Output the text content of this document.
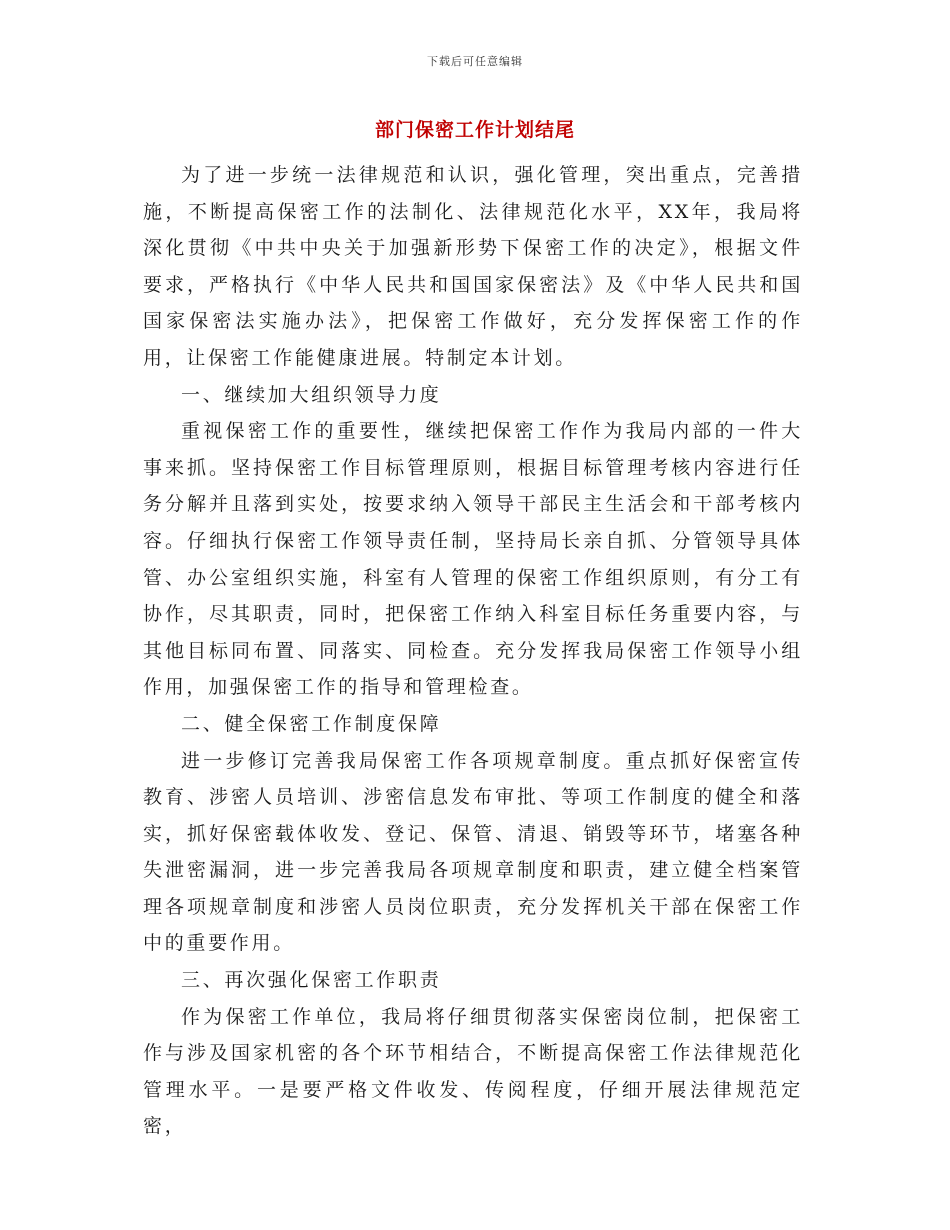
下载后可任意编辑
部门保密工作计划结尾

为了进一步统一法律规范和认识，强化管理，突出重点，完善措施，不断提高保密工作的法制化、法律规范化水平，XX年，我局将深化贯彻《中共中央关于加强新形势下保密工作的决定》，根据文件要求，严格执行《中华人民共和国国家保密法》及《中华人民共和国国家保密法实施办法》，把保密工作做好，充分发挥保密工作的作用，让保密工作能健康进展。特制定本计划。

一、继续加大组织领导力度

重视保密工作的重要性，继续把保密工作作为我局内部的一件大事来抓。坚持保密工作目标管理原则，根据目标管理考核内容进行任务分解并且落到实处，按要求纳入领导干部民主生活会和干部考核内容。仔细执行保密工作领导责任制，坚持局长亲自抓、分管领导具体管、办公室组织实施，科室有人管理的保密工作组织原则，有分工有协作，尽其职责，同时，把保密工作纳入科室目标任务重要内容，与其他目标同布置、同落实、同检查。充分发挥我局保密工作领导小组作用，加强保密工作的指导和管理检查。

二、健全保密工作制度保障

进一步修订完善我局保密工作各项规章制度。重点抓好保密宣传教育、涉密人员培训、涉密信息发布审批、等项工作制度的健全和落实，抓好保密载体收发、登记、保管、清退、销毁等环节，堵塞各种失泄密漏洞，进一步完善我局各项规章制度和职责，建立健全档案管理各项规章制度和涉密人员岗位职责，充分发挥机关干部在保密工作中的重要作用。

三、再次强化保密工作职责

作为保密工作单位，我局将仔细贯彻落实保密岗位制，把保密工作与涉及国家机密的各个环节相结合，不断提高保密工作法律规范化管理水平。一是要严格文件收发、传阅程度，仔细开展法律规范定密，
